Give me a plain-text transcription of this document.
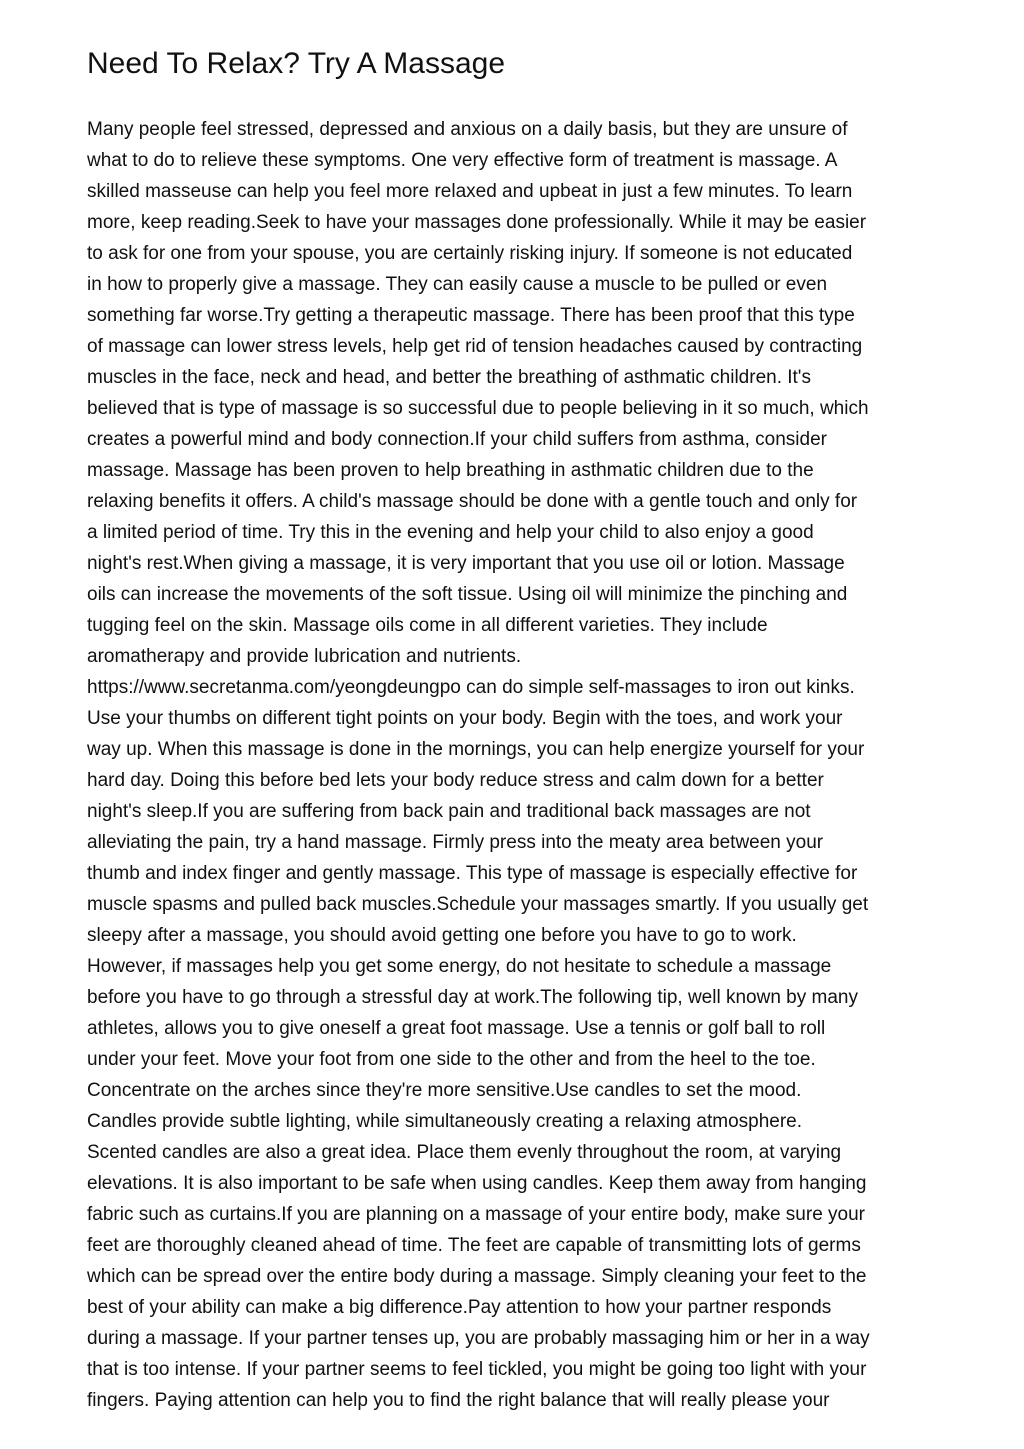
Need To Relax? Try A Massage
Many people feel stressed, depressed and anxious on a daily basis, but they are unsure of
what to do to relieve these symptoms. One very effective form of treatment is massage. A
skilled masseuse can help you feel more relaxed and upbeat in just a few minutes. To learn
more, keep reading.Seek to have your massages done professionally. While it may be easier
to ask for one from your spouse, you are certainly risking injury. If someone is not educated
in how to properly give a massage. They can easily cause a muscle to be pulled or even
something far worse.Try getting a therapeutic massage. There has been proof that this type
of massage can lower stress levels, help get rid of tension headaches caused by contracting
muscles in the face, neck and head, and better the breathing of asthmatic children. It's
believed that is type of massage is so successful due to people believing in it so much, which
creates a powerful mind and body connection.If your child suffers from asthma, consider
massage. Massage has been proven to help breathing in asthmatic children due to the
relaxing benefits it offers. A child's massage should be done with a gentle touch and only for
a limited period of time. Try this in the evening and help your child to also enjoy a good
night's rest.When giving a massage, it is very important that you use oil or lotion. Massage
oils can increase the movements of the soft tissue. Using oil will minimize the pinching and
tugging feel on the skin. Massage oils come in all different varieties. They include
aromatherapy and provide lubrication and nutrients.
https://www.secretanma.com/yeongdeungpo can do simple self-massages to iron out kinks.
Use your thumbs on different tight points on your body. Begin with the toes, and work your
way up. When this massage is done in the mornings, you can help energize yourself for your
hard day. Doing this before bed lets your body reduce stress and calm down for a better
night's sleep.If you are suffering from back pain and traditional back massages are not
alleviating the pain, try a hand massage. Firmly press into the meaty area between your
thumb and index finger and gently massage. This type of massage is especially effective for
muscle spasms and pulled back muscles.Schedule your massages smartly. If you usually get
sleepy after a massage, you should avoid getting one before you have to go to work.
However, if massages help you get some energy, do not hesitate to schedule a massage
before you have to go through a stressful day at work.The following tip, well known by many
athletes, allows you to give oneself a great foot massage. Use a tennis or golf ball to roll
under your feet. Move your foot from one side to the other and from the heel to the toe.
Concentrate on the arches since they're more sensitive.Use candles to set the mood.
Candles provide subtle lighting, while simultaneously creating a relaxing atmosphere.
Scented candles are also a great idea. Place them evenly throughout the room, at varying
elevations. It is also important to be safe when using candles. Keep them away from hanging
fabric such as curtains.If you are planning on a massage of your entire body, make sure your
feet are thoroughly cleaned ahead of time. The feet are capable of transmitting lots of germs
which can be spread over the entire body during a massage. Simply cleaning your feet to the
best of your ability can make a big difference.Pay attention to how your partner responds
during a massage. If your partner tenses up, you are probably massaging him or her in a way
that is too intense. If your partner seems to feel tickled, you might be going too light with your
fingers. Paying attention can help you to find the right balance that will really please your
